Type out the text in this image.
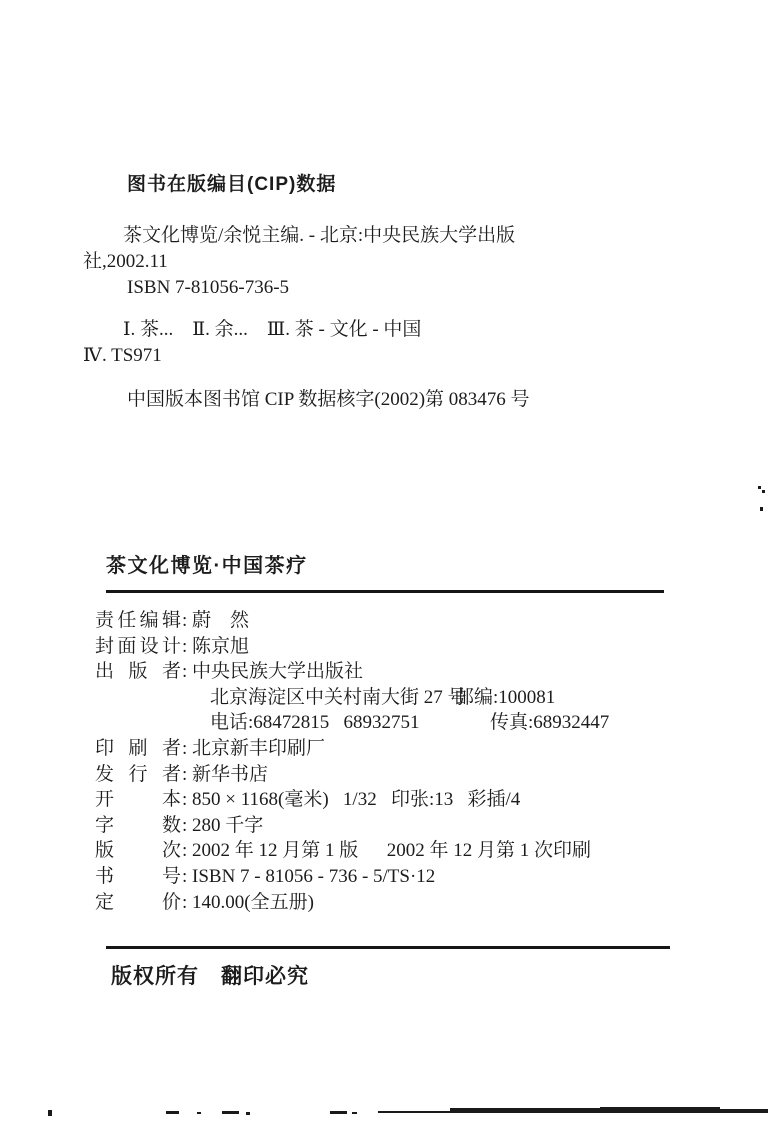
图书在版编目(CIP)数据
茶文化博览/余悦主编. - 北京:中央民族大学出版
社,2002.11
ISBN 7-81056-736-5
Ⅰ. 茶...    Ⅱ. 余...    Ⅲ. 茶 - 文化 - 中国
Ⅳ. TS971
中国版本图书馆 CIP 数据核字(2002)第 083476 号
茶文化博览·中国茶疗
责任编辑 : 蔚　然
封面设计 : 陈京旭
出版者 : 中央民族大学出版社
北京海淀区中关村南大街 27 号
邮编:100081
电话:68472815   68932751	传真:68932447
印刷者 : 北京新丰印刷厂
发行者 : 新华书店
开本 : 850 × 1168(毫米)   1/32   印张:13   彩插/4
字数 : 280 千字
版次 : 2002 年 12 月第 1 版      2002 年 12 月第 1 次印刷
书号 : ISBN 7 - 81056 - 736 - 5/TS·12
定价 : 140.00(全五册)
版权所有　翻印必究
